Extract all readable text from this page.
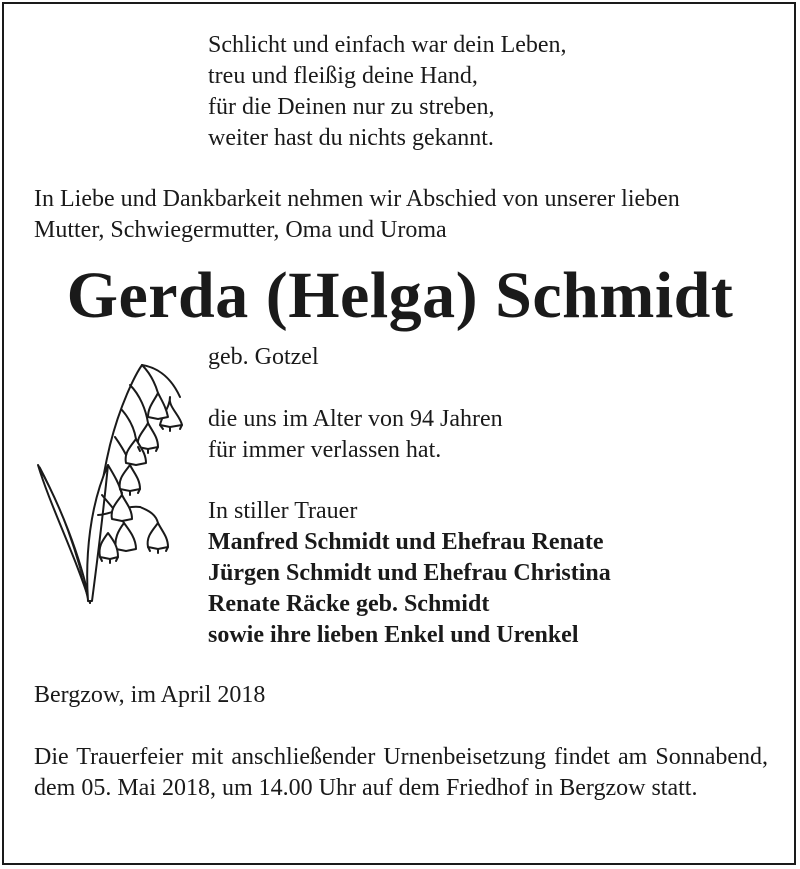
Schlicht und einfach war dein Leben,
treu und fleißig deine Hand,
für die Deinen nur zu streben,
weiter hast du nichts gekannt.
In Liebe und Dankbarkeit nehmen wir Abschied von unserer lieben
Mutter, Schwiegermutter, Oma und Uroma
Gerda (Helga) Schmidt
geb. Gotzel
die uns im Alter von 94 Jahren
für immer verlassen hat.
In stiller Trauer
Manfred Schmidt und Ehefrau Renate
Jürgen Schmidt und Ehefrau Christina
Renate Räcke geb. Schmidt
sowie ihre lieben Enkel und Urenkel
Bergzow, im April 2018
Die Trauerfeier mit anschließender Urnenbeisetzung findet am Sonnabend, dem 05. Mai 2018, um 14.00 Uhr auf dem Friedhof in Bergzow statt.
